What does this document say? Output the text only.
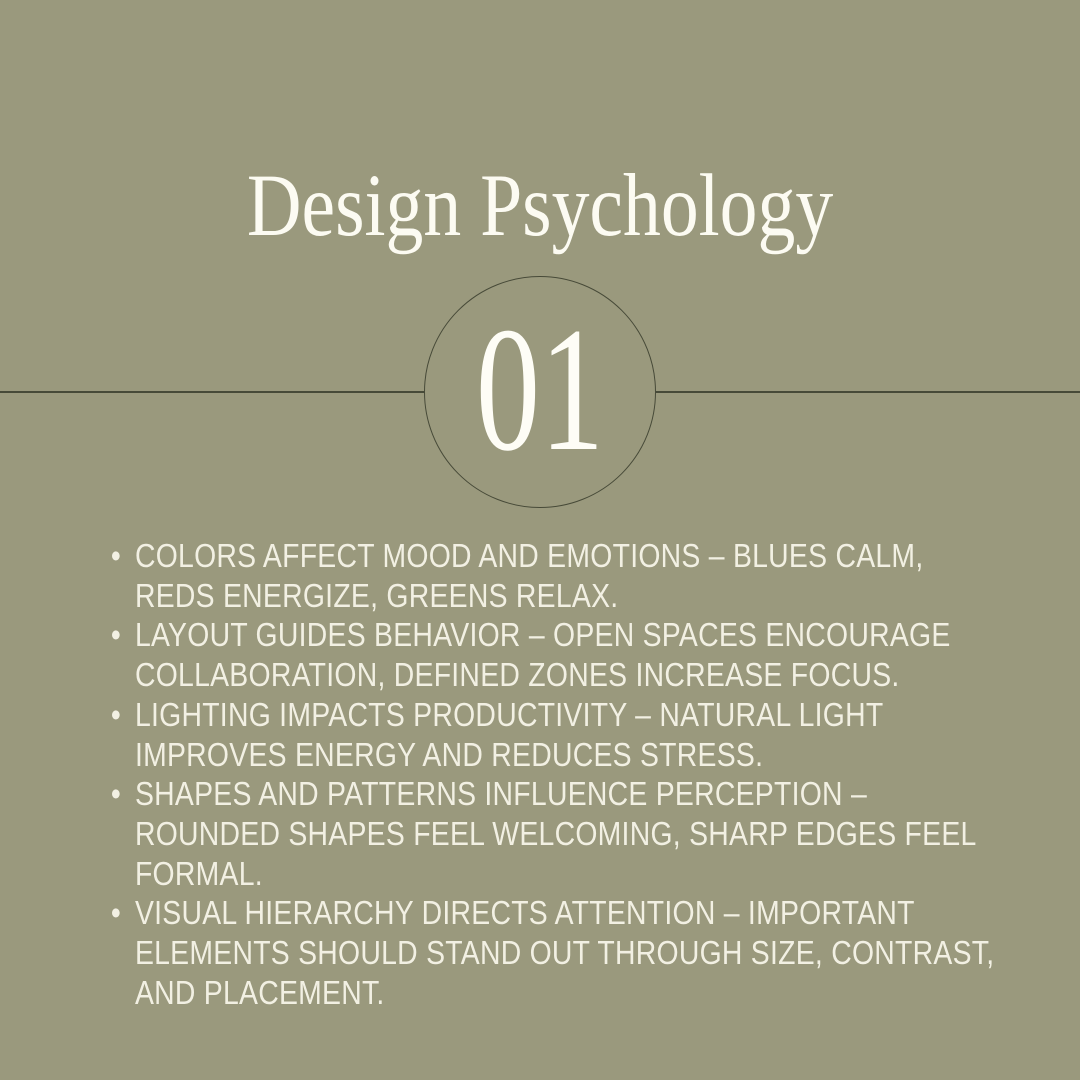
Design Psychology
01
• COLORS AFFECT MOOD AND EMOTIONS – BLUES CALM, REDS ENERGIZE, GREENS RELAX.
• LAYOUT GUIDES BEHAVIOR – OPEN SPACES ENCOURAGE COLLABORATION, DEFINED ZONES INCREASE FOCUS.
• LIGHTING IMPACTS PRODUCTIVITY – NATURAL LIGHT IMPROVES ENERGY AND REDUCES STRESS.
• SHAPES AND PATTERNS INFLUENCE PERCEPTION – ROUNDED SHAPES FEEL WELCOMING, SHARP EDGES FEEL FORMAL.
• VISUAL HIERARCHY DIRECTS ATTENTION – IMPORTANT ELEMENTS SHOULD STAND OUT THROUGH SIZE, CONTRAST, AND PLACEMENT.
